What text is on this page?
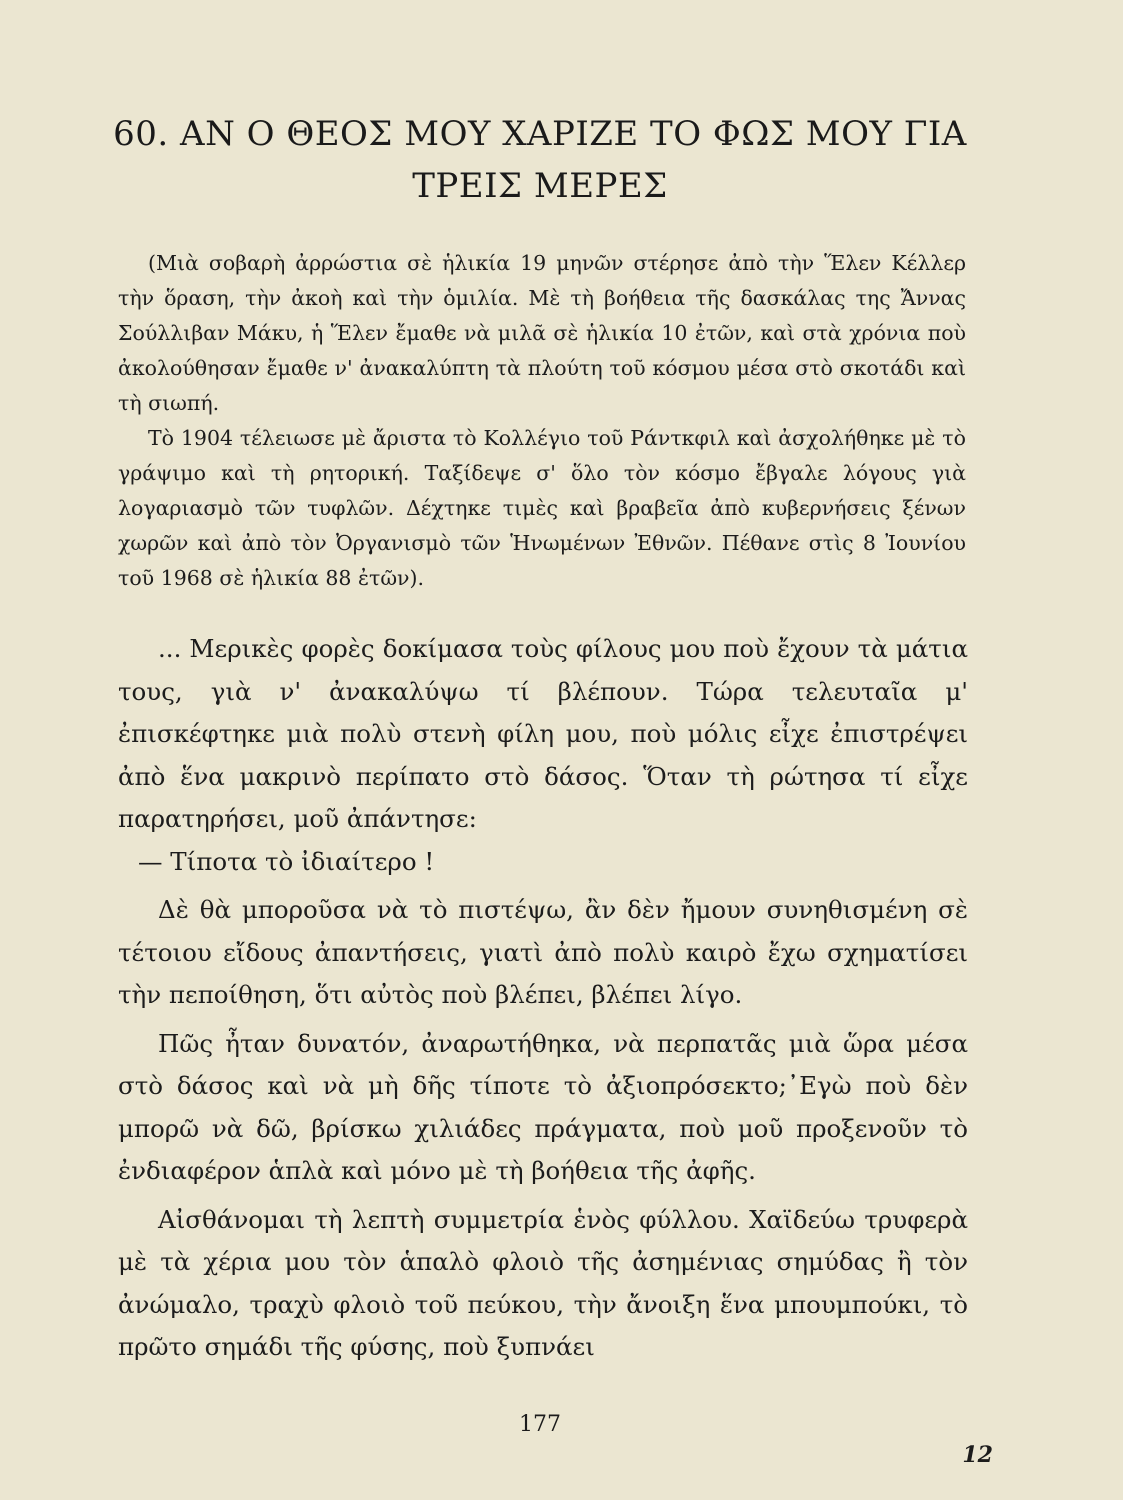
60. ΑΝ Ο ΘΕΟΣ ΜΟΥ ΧΑΡΙΖΕ ΤΟ ΦΩΣ ΜΟΥ ΓΙΑ ΤΡΕΙΣ ΜΕΡΕΣ

(Μιὰ σοβαρὴ ἀρρώστια σὲ ἡλικία 19 μηνῶν στέρησε ἀπὸ τὴν Ἕλεν Κέλλερ τὴν ὅραση, τὴν ἀκοὴ καὶ τὴν ὁμιλία. Μὲ τὴ βοήθεια τῆς δασκάλας της Ἄννας Σούλλιβαν Μάκυ, ἡ Ἕλεν ἔμαθε νὰ μιλᾶ σὲ ἡλικία 10 ἐτῶν, καὶ στὰ χρόνια ποὺ ἀκολούθησαν ἔμαθε ν' ἀνακαλύπτη τὰ πλούτη τοῦ κόσμου μέσα στὸ σκοτάδι καὶ τὴ σιωπή.

Τὸ 1904 τέλειωσε μὲ ἄριστα τὸ Κολλέγιο τοῦ Ράντκφιλ καὶ ἀσχολήθηκε μὲ τὸ γράψιμο καὶ τὴ ρητορική. Ταξίδεψε σ' ὅλο τὸν κόσμο ἔβγαλε λόγους γιὰ λογαριασμὸ τῶν τυφλῶν. Δέχτηκε τιμὲς καὶ βραβεῖα ἀπὸ κυβερνήσεις ξένων χωρῶν καὶ ἀπὸ τὸν Ὀργανισμὸ τῶν Ἡνωμένων Ἐθνῶν. Πέθανε στὶς 8 Ἰουνίου τοῦ 1968 σὲ ἡλικία 88 ἐτῶν).

... Μερικὲς φορὲς δοκίμασα τοὺς φίλους μου ποὺ ἔχουν τὰ μάτια τους, γιὰ ν' ἀνακαλύψω τί βλέπουν. Τώρα τελευταῖα μ' ἐπισκέφτηκε μιὰ πολὺ στενὴ φίλη μου, ποὺ μόλις εἶχε ἐπιστρέψει ἀπὸ ἕνα μακρινὸ περίπατο στὸ δάσος. Ὅταν τὴ ρώτησα τί εἶχε παρατηρήσει, μοῦ ἀπάντησε:

— Τίποτα τὸ ἰδιαίτερο !

Δὲ θὰ μποροῦσα νὰ τὸ πιστέψω, ἂν δὲν ἤμουν συνηθισμένη σὲ τέτοιου εἴδους ἀπαντήσεις, γιατὶ ἀπὸ πολὺ καιρὸ ἔχω σχηματίσει τὴν πεποίθηση, ὅτι αὐτὸς ποὺ βλέπει, βλέπει λίγο.

Πῶς ἦταν δυνατόν, ἀναρωτήθηκα, νὰ περπατᾶς μιὰ ὥρα μέσα στὸ δάσος καὶ νὰ μὴ δῆς τίποτε τὸ ἀξιοπρόσεκτο;᾿Εγὼ ποὺ δὲν μπορῶ νὰ δῶ, βρίσκω χιλιάδες πράγματα, ποὺ μοῦ προξενοῦν τὸ ἐνδιαφέρον ἁπλὰ καὶ μόνο μὲ τὴ βοήθεια τῆς ἀφῆς.

Αἰσθάνομαι τὴ λεπτὴ συμμετρία ἑνὸς φύλλου. Χαϊδεύω τρυφερὰ μὲ τὰ χέρια μου τὸν ἁπαλὸ φλοιὸ τῆς ἀσημένιας σημύδας ἢ τὸν ἀνώμαλο, τραχὺ φλοιὸ τοῦ πεύκου, τὴν ἄνοιξη ἕνα μπουμπούκι, τὸ πρῶτο σημάδι τῆς φύσης, ποὺ ξυπνάει

177
12
